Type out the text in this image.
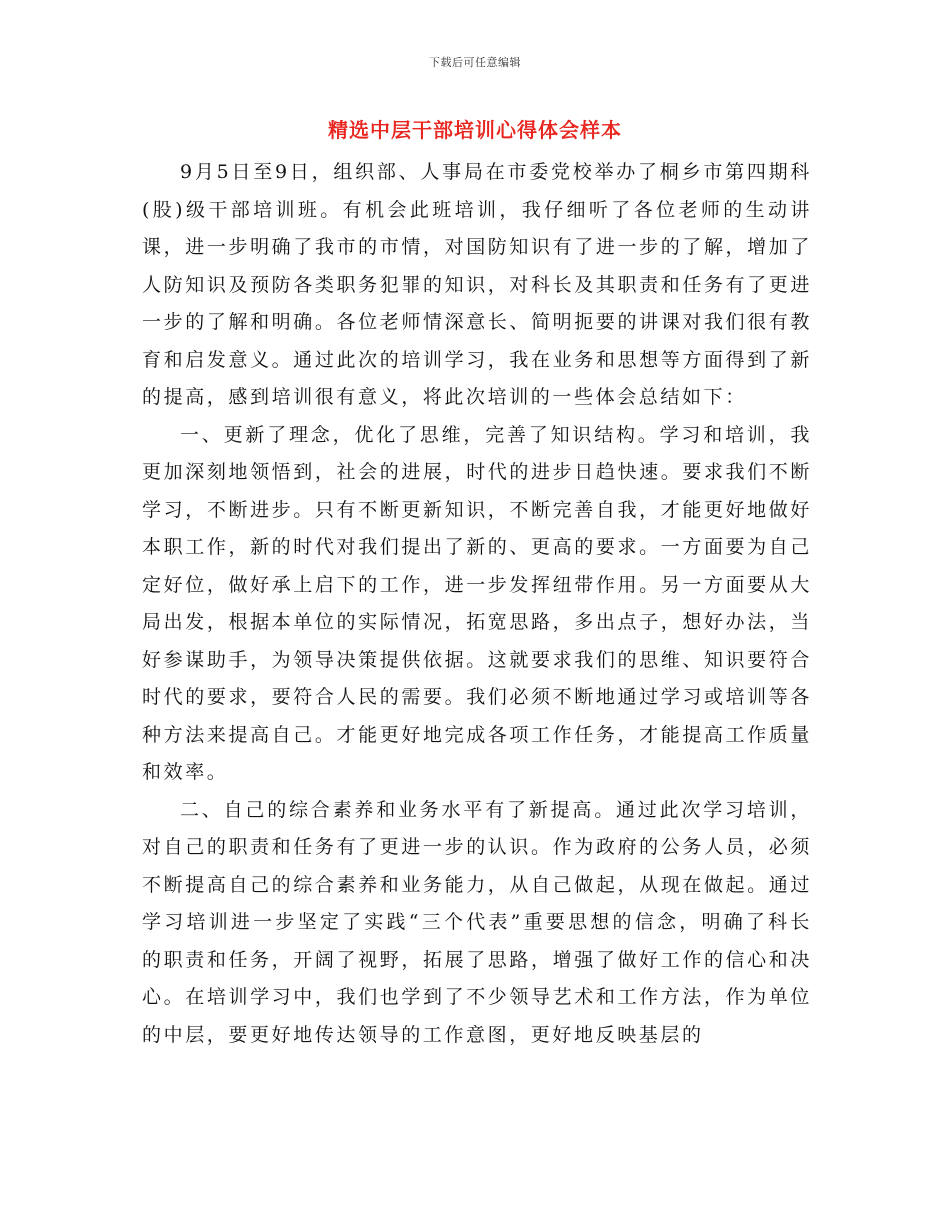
下载后可任意编辑
精选中层干部培训心得体会样本

9月5日至9日，组织部、人事局在市委党校举办了桐乡市第四期科(股)级干部培训班。有机会此班培训，我仔细听了各位老师的生动讲课，进一步明确了我市的市情，对国防知识有了进一步的了解，增加了人防知识及预防各类职务犯罪的知识，对科长及其职责和任务有了更进一步的了解和明确。各位老师情深意长、简明扼要的讲课对我们很有教育和启发意义。通过此次的培训学习，我在业务和思想等方面得到了新的提高，感到培训很有意义，将此次培训的一些体会总结如下：

一、更新了理念，优化了思维，完善了知识结构。学习和培训，我更加深刻地领悟到，社会的进展，时代的进步日趋快速。要求我们不断学习，不断进步。只有不断更新知识，不断完善自我，才能更好地做好本职工作，新的时代对我们提出了新的、更高的要求。一方面要为自己定好位，做好承上启下的工作，进一步发挥纽带作用。另一方面要从大局出发，根据本单位的实际情况，拓宽思路，多出点子，想好办法，当好参谋助手，为领导决策提供依据。这就要求我们的思维、知识要符合时代的要求，要符合人民的需要。我们必须不断地通过学习或培训等各种方法来提高自己。才能更好地完成各项工作任务，才能提高工作质量和效率。

二、自己的综合素养和业务水平有了新提高。通过此次学习培训，对自己的职责和任务有了更进一步的认识。作为政府的公务人员，必须不断提高自己的综合素养和业务能力，从自己做起，从现在做起。通过学习培训进一步坚定了实践“三个代表”重要思想的信念，明确了科长的职责和任务，开阔了视野，拓展了思路，增强了做好工作的信心和决心。在培训学习中，我们也学到了不少领导艺术和工作方法，作为单位的中层，要更好地传达领导的工作意图，更好地反映基层的
